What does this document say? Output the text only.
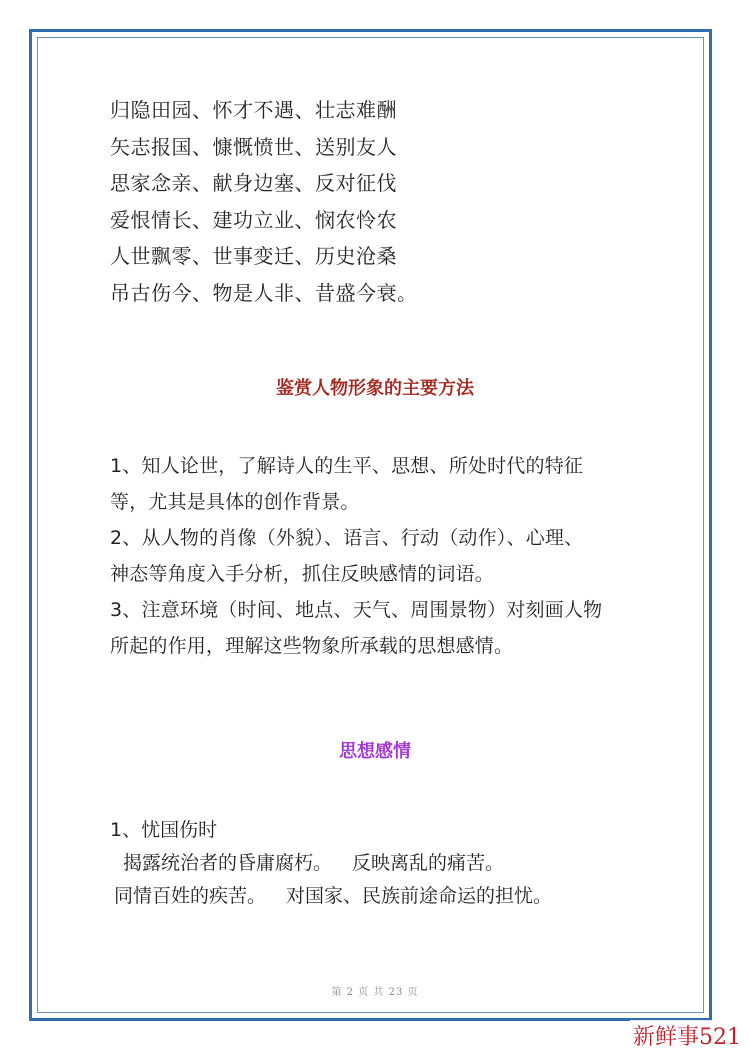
归隐田园、怀才不遇、壮志难酬

矢志报国、慷慨愤世、送别友人

思家念亲、献身边塞、反对征伐

爱恨情长、建功立业、悯农怜农

人世飘零、世事变迁、历史沧桑

吊古伤今、物是人非、昔盛今衰。

鉴赏人物形象的主要方法

1、知人论世，了解诗人的生平、思想、所处时代的特征

等，尤其是具体的创作背景。

2、从人物的肖像（外貌）、语言、行动（动作）、心理、

神态等角度入手分析，抓住反映感情的词语。

3、注意环境（时间、地点、天气、周围景物）对刻画人物

所起的作用，理解这些物象所承载的思想感情。

思想感情

1、忧国伤时

揭露统治者的昏庸腐朽。 反映离乱的痛苦。

同情百姓的疾苦。 对国家、民族前途命运的担忧。

第 2 页 共 23 页
新鲜事521
